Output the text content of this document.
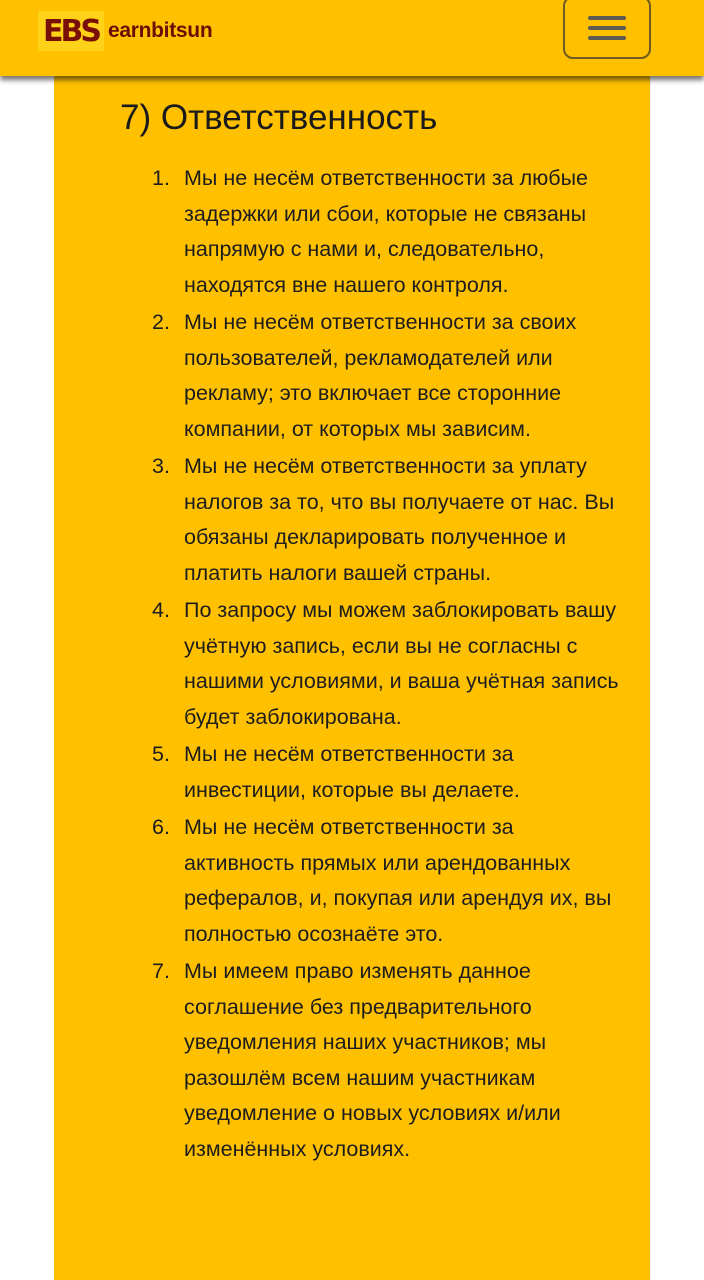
EBS earnbitsun
7) Ответственность
1. Мы не несём ответственности за любые задержки или сбои, которые не связаны напрямую с нами и, следовательно, находятся вне нашего контроля.
2. Мы не несём ответственности за своих пользователей, рекламодателей или рекламу; это включает все сторонние компании, от которых мы зависим.
3. Мы не несём ответственности за уплату налогов за то, что вы получаете от нас. Вы обязаны декларировать полученное и платить налоги вашей страны.
4. По запросу мы можем заблокировать вашу учётную запись, если вы не согласны с нашими условиями, и ваша учётная запись будет заблокирована.
5. Мы не несём ответственности за инвестиции, которые вы делаете.
6. Мы не несём ответственности за активность прямых или арендованных рефералов, и, покупая или арендуя их, вы полностью осознаёте это.
7. Мы имеем право изменять данное соглашение без предварительного уведомления наших участников; мы разошлём всем нашим участникам уведомление о новых условиях и/или изменённых условиях.
